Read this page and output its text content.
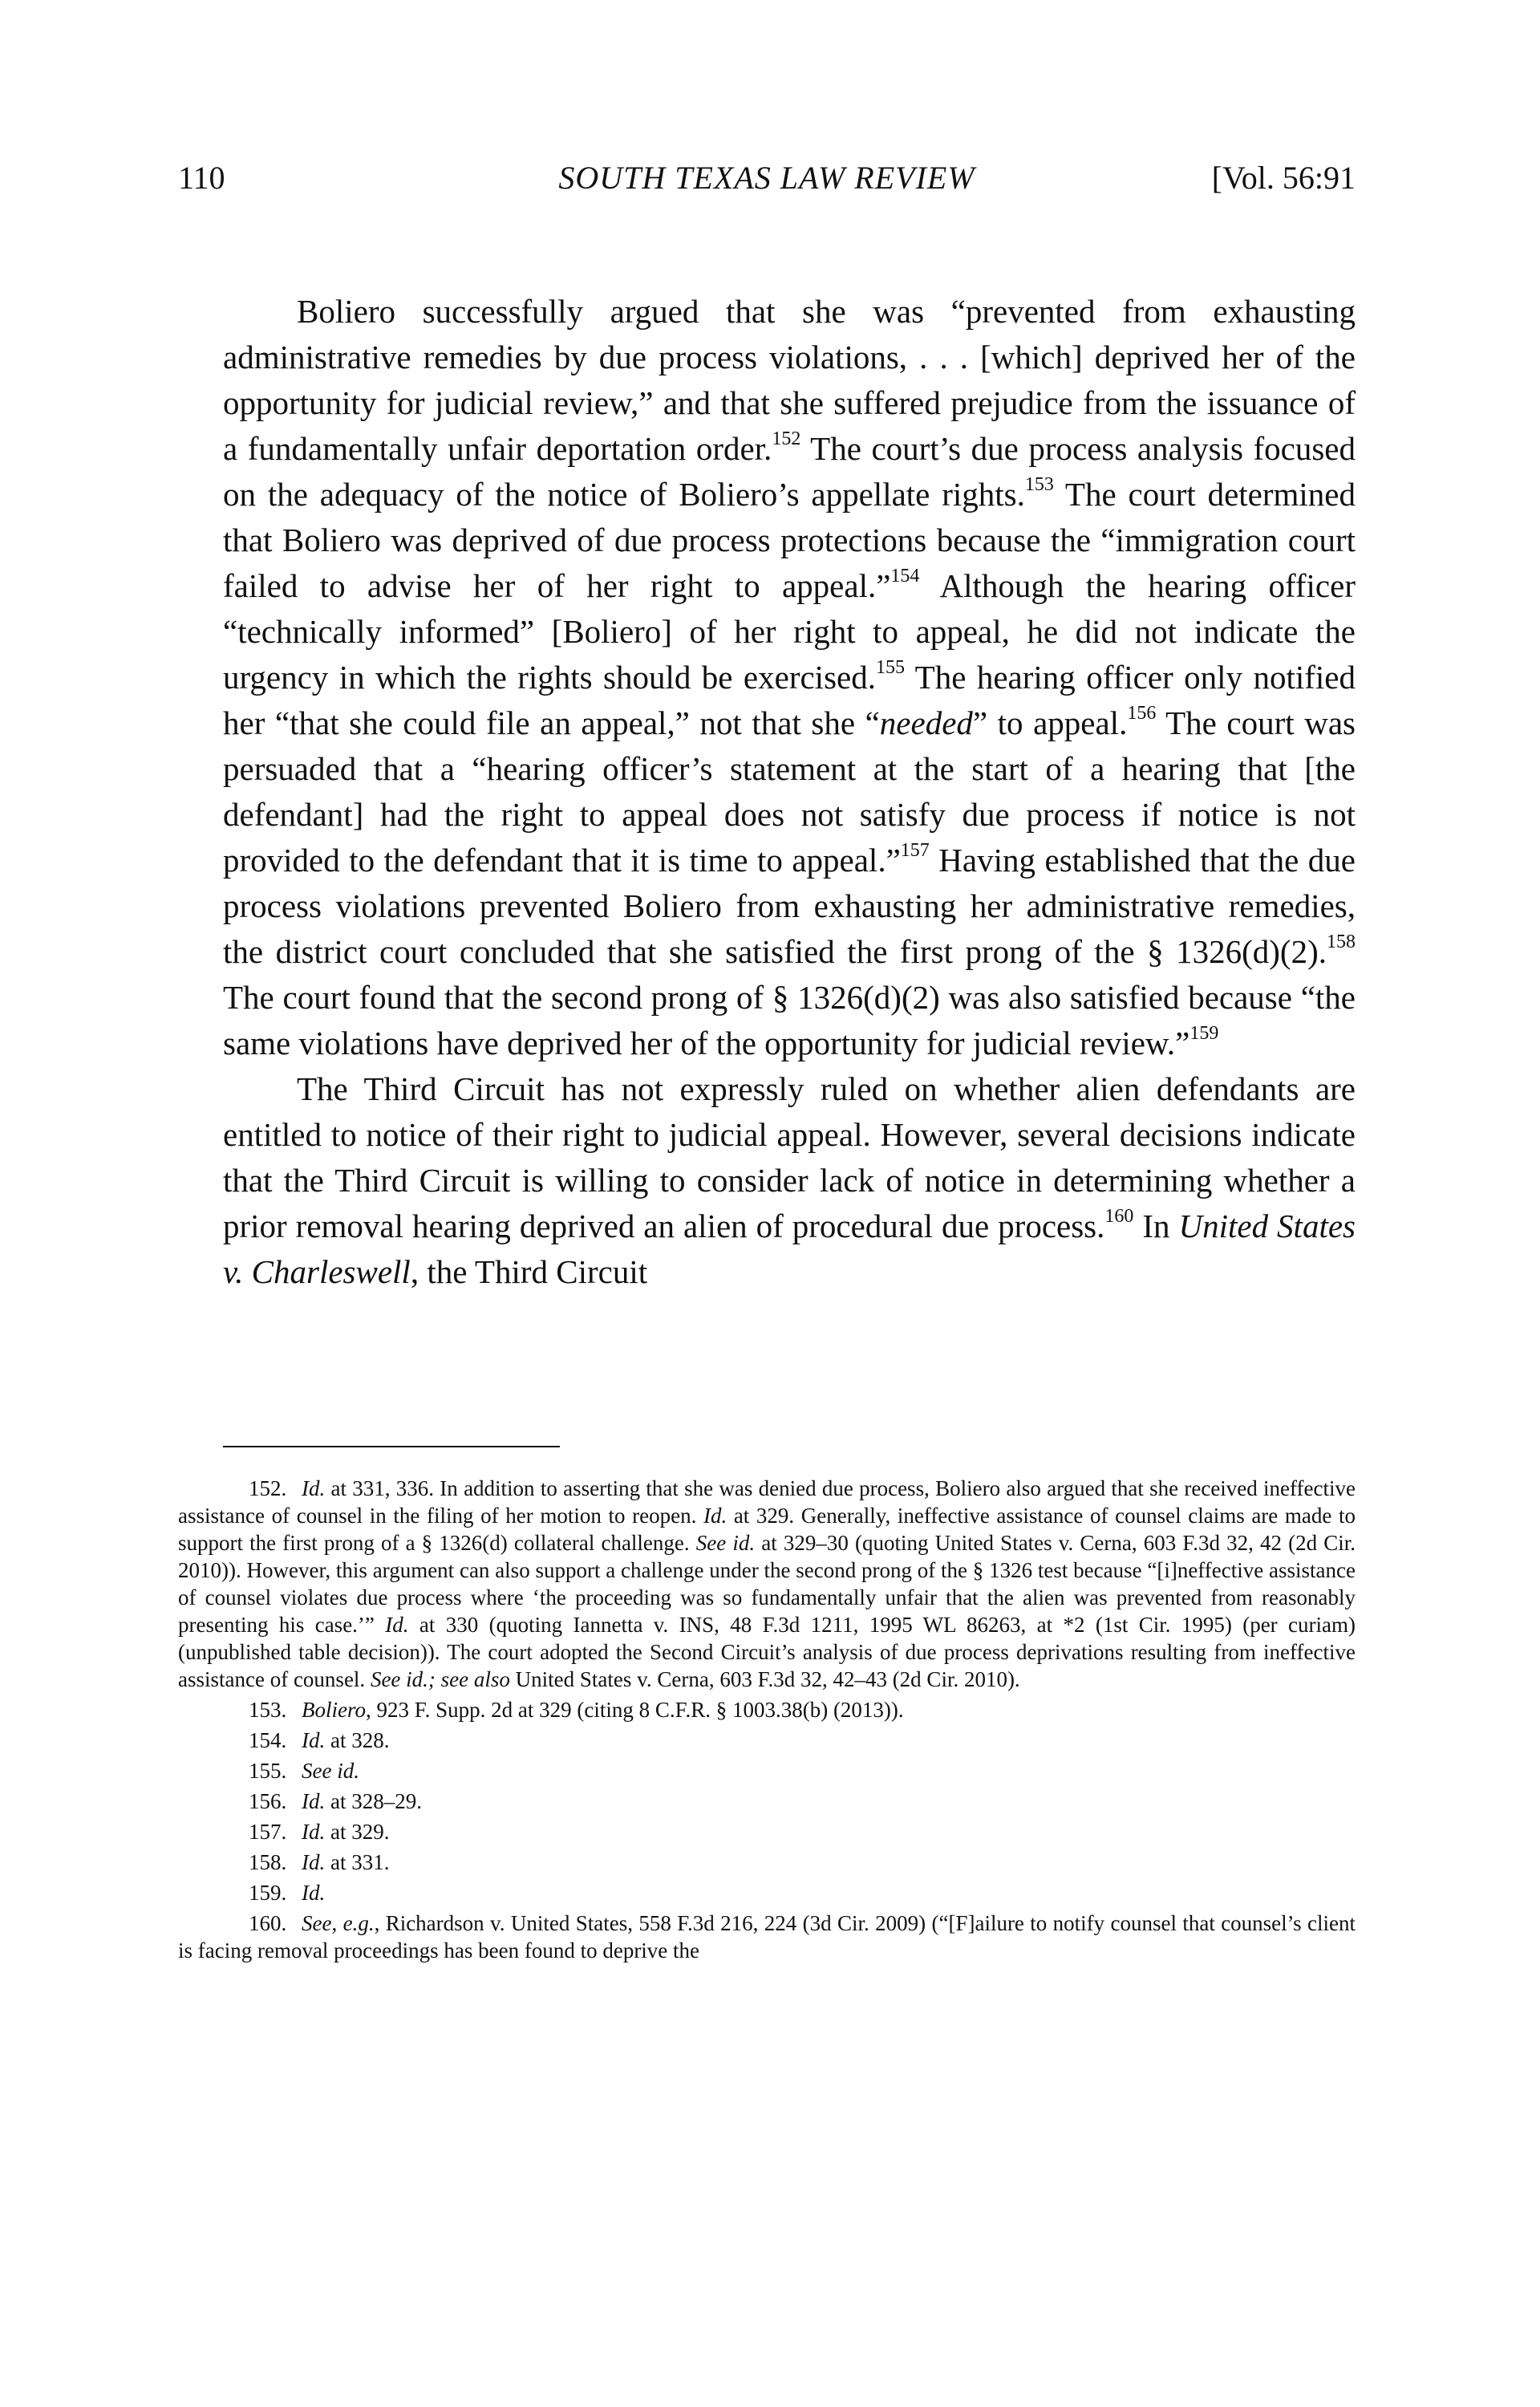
110	SOUTH TEXAS LAW REVIEW	[Vol. 56:91

Boliero successfully argued that she was “prevented from exhausting administrative remedies by due process violations, . . . [which] deprived her of the opportunity for judicial review,” and that she suffered prejudice from the issuance of a fundamentally unfair deportation order.$^{152}$ The court’s due process analysis focused on the adequacy of the notice of Boliero’s appellate rights.$^{153}$ The court determined that Boliero was deprived of due process protections because the “immigration court failed to advise her of her right to appeal.”$^{154}$ Although the hearing officer “technically informed” [Boliero] of her right to appeal, he did not indicate the urgency in which the rights should be exercised.$^{155}$ The hearing officer only notified her “that she could file an appeal,” not that she “needed” to appeal.$^{156}$ The court was persuaded that a “hearing officer’s statement at the start of a hearing that [the defendant] had the right to appeal does not satisfy due process if notice is not provided to the defendant that it is time to appeal.”$^{157}$ Having established that the due process violations prevented Boliero from exhausting her administrative remedies, the district court concluded that she satisfied the first prong of the § 1326(d)(2).$^{158}$ The court found that the second prong of § 1326(d)(2) was also satisfied because “the same violations have deprived her of the opportunity for judicial review.”$^{159}$

The Third Circuit has not expressly ruled on whether alien defendants are entitled to notice of their right to judicial appeal. However, several decisions indicate that the Third Circuit is willing to consider lack of notice in determining whether a prior removal hearing deprived an alien of procedural due process.$^{160}$ In United States v. Charleswell, the Third Circuit

152. Id. at 331, 336. In addition to asserting that she was denied due process, Boliero also argued that she received ineffective assistance of counsel in the filing of her motion to reopen. Id. at 329. Generally, ineffective assistance of counsel claims are made to support the first prong of a § 1326(d) collateral challenge. See id. at 329–30 (quoting United States v. Cerna, 603 F.3d 32, 42 (2d Cir. 2010)). However, this argument can also support a challenge under the second prong of the § 1326 test because “[i]neffective assistance of counsel violates due process where ‘the proceeding was so fundamentally unfair that the alien was prevented from reasonably presenting his case.’” Id. at 330 (quoting Iannetta v. INS, 48 F.3d 1211, 1995 WL 86263, at *2 (1st Cir. 1995) (per curiam) (unpublished table decision)). The court adopted the Second Circuit’s analysis of due process deprivations resulting from ineffective assistance of counsel. See id.; see also United States v. Cerna, 603 F.3d 32, 42–43 (2d Cir. 2010).

153. Boliero, 923 F. Supp. 2d at 329 (citing 8 C.F.R. § 1003.38(b) (2013)).

154. Id. at 328.

155. See id.

156. Id. at 328–29.

157. Id. at 329.

158. Id. at 331.

159. Id.

160. See, e.g., Richardson v. United States, 558 F.3d 216, 224 (3d Cir. 2009) (“[F]ailure to notify counsel that counsel’s client is facing removal proceedings has been found to deprive the
